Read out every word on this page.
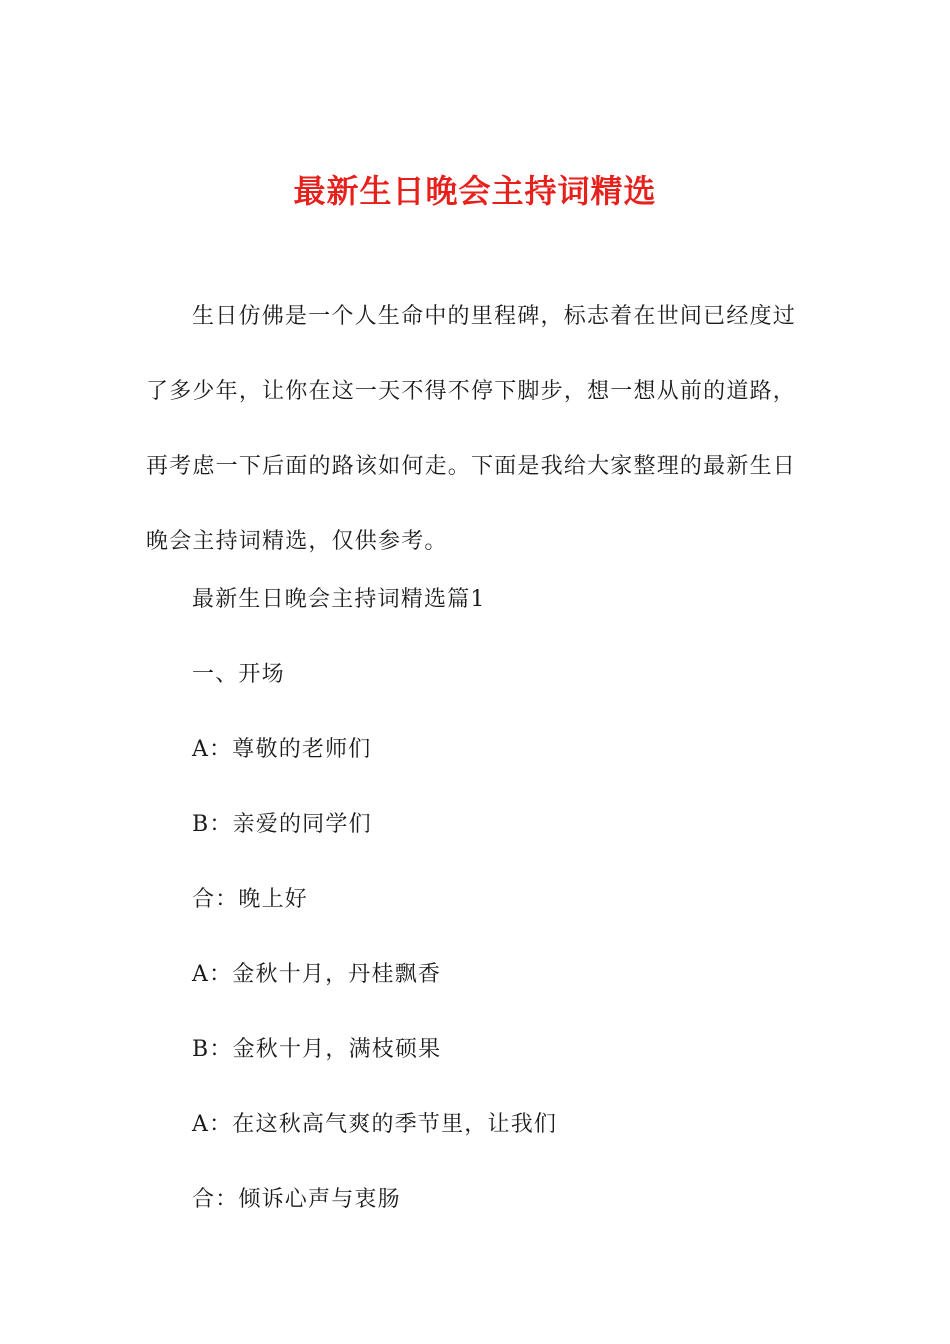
最新生日晚会主持词精选

生日仿佛是一个人生命中的里程碑，标志着在世间已经度过了多少年，让你在这一天不得不停下脚步，想一想从前的道路，再考虑一下后面的路该如何走。下面是我给大家整理的最新生日晚会主持词精选，仅供参考。

最新生日晚会主持词精选篇1

一、开场

A：尊敬的老师们

B：亲爱的同学们

合：晚上好

A：金秋十月，丹桂飘香

B：金秋十月，满枝硕果

A：在这秋高气爽的季节里，让我们

合：倾诉心声与衷肠
